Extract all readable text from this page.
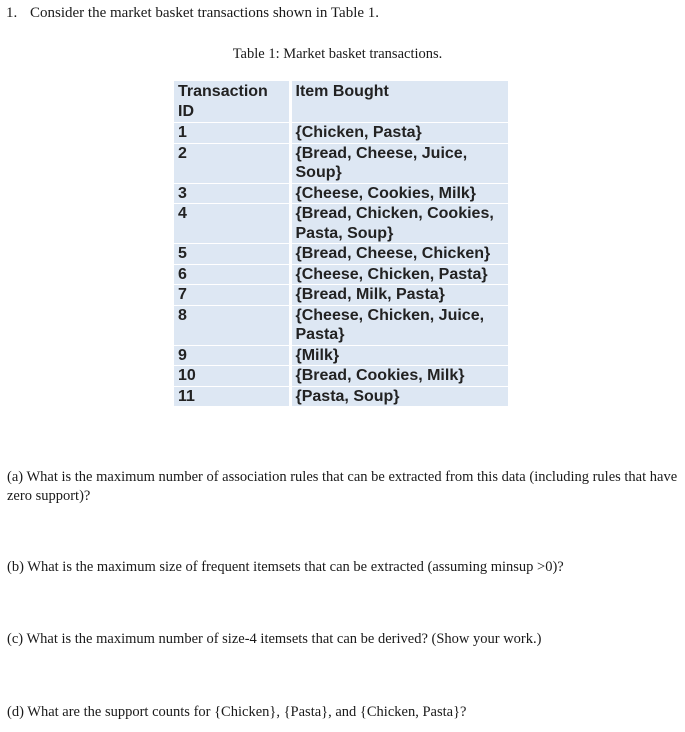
1. Consider the market basket transactions shown in Table 1.
Table 1: Market basket transactions.
Transaction ID	Item Bought
1	{Chicken, Pasta}
2	{Bread, Cheese, Juice, Soup}
3	{Cheese, Cookies, Milk}
4	{Bread, Chicken, Cookies, Pasta, Soup}
5	{Bread, Cheese, Chicken}
6	{Cheese, Chicken, Pasta}
7	{Bread, Milk, Pasta}
8	{Cheese, Chicken, Juice, Pasta}
9	{Milk}
10	{Bread, Cookies, Milk}
11	{Pasta, Soup}
(a) What is the maximum number of association rules that can be extracted from this data (including rules that have zero support)?
(b) What is the maximum size of frequent itemsets that can be extracted (assuming minsup >0)?
(c) What is the maximum number of size-4 itemsets that can be derived? (Show your work.)
(d) What are the support counts for {Chicken}, {Pasta}, and {Chicken, Pasta}?
